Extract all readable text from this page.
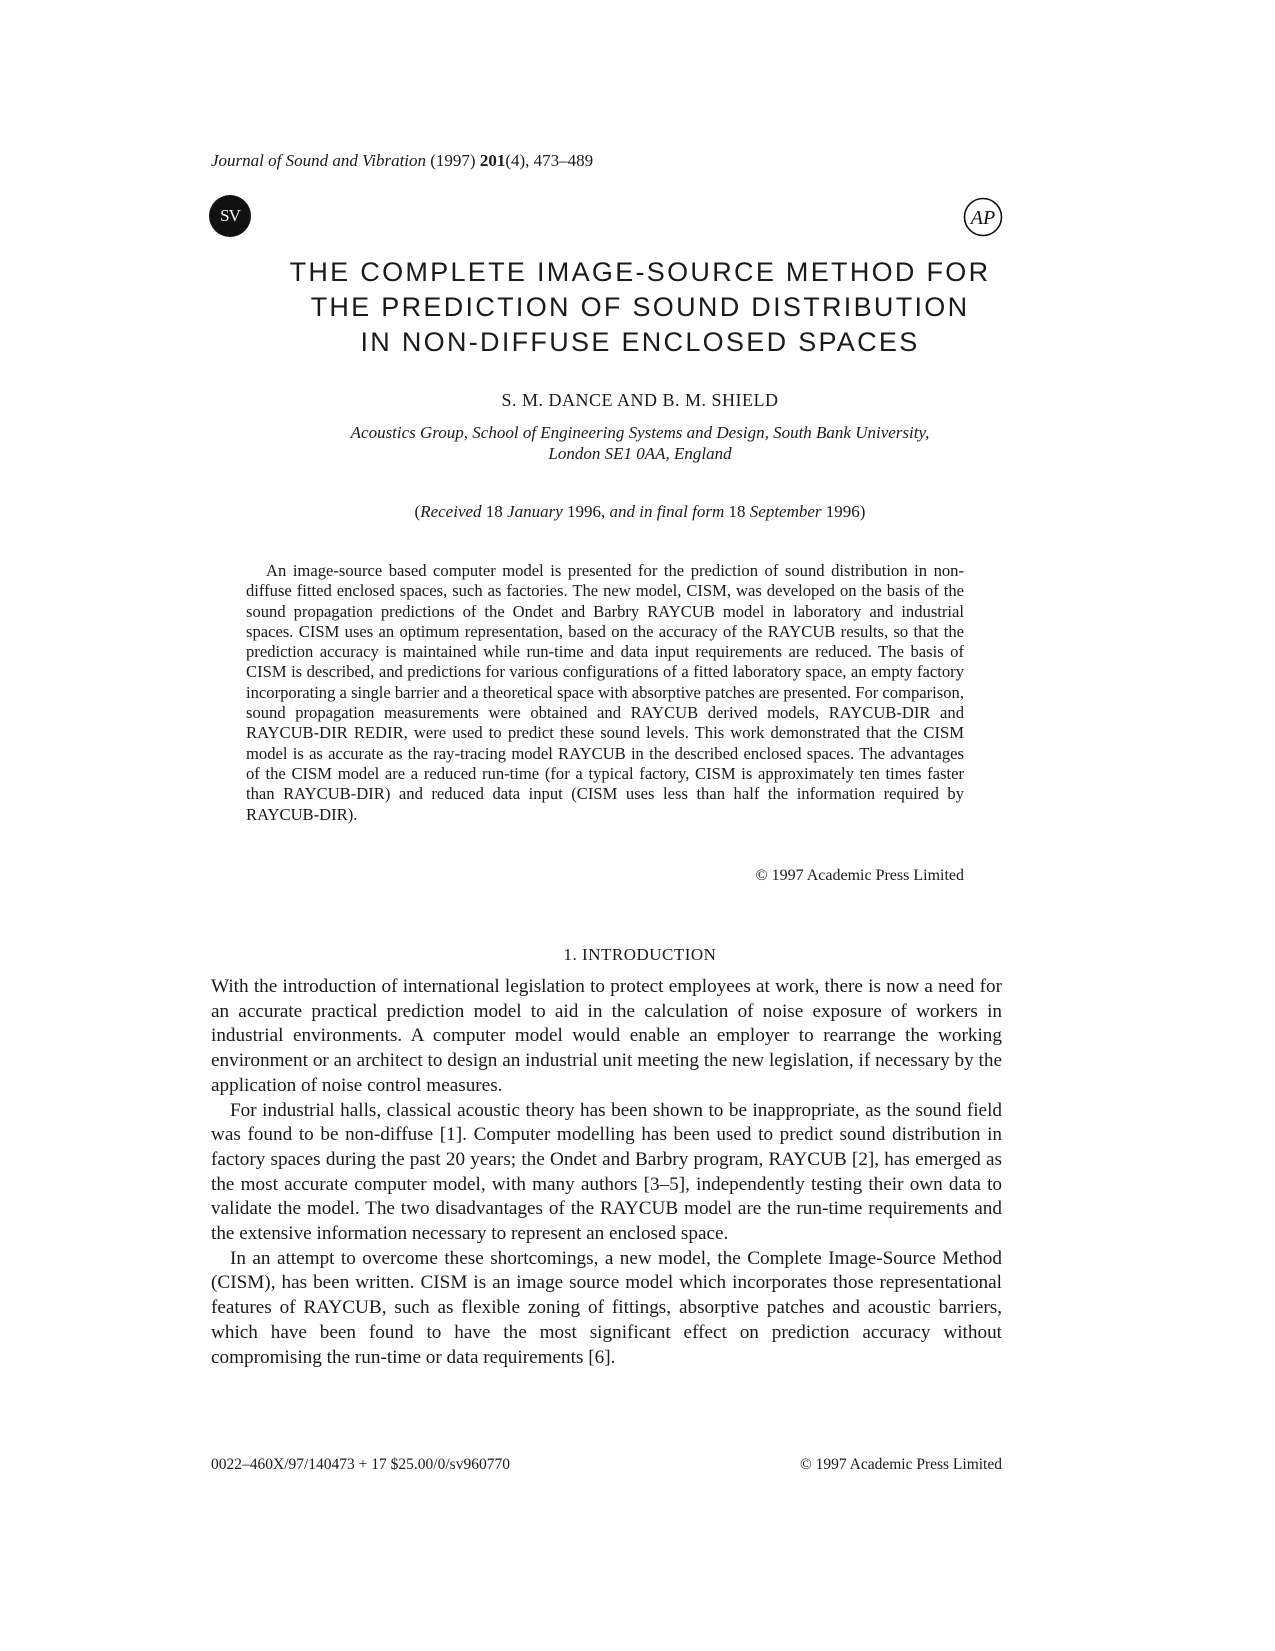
Journal of Sound and Vibration (1997) 201(4), 473–489
SV	AP
THE COMPLETE IMAGE-SOURCE METHOD FOR
THE PREDICTION OF SOUND DISTRIBUTION
IN NON-DIFFUSE ENCLOSED SPACES
S. M. DANCE AND B. M. SHIELD
Acoustics Group, School of Engineering Systems and Design, South Bank University,
London SE1 0AA, England
(Received 18 January 1996, and in final form 18 September 1996)

An image-source based computer model is presented for the prediction of sound distribution in non-diffuse fitted enclosed spaces, such as factories. The new model, CISM, was developed on the basis of the sound propagation predictions of the Ondet and Barbry RAYCUB model in laboratory and industrial spaces. CISM uses an optimum representation, based on the accuracy of the RAYCUB results, so that the prediction accuracy is maintained while run-time and data input requirements are reduced. The basis of CISM is described, and predictions for various configurations of a fitted laboratory space, an empty factory incorporating a single barrier and a theoretical space with absorptive patches are presented. For comparison, sound propagation measurements were obtained and RAYCUB derived models, RAYCUB-DIR and RAYCUB-DIR REDIR, were used to predict these sound levels. This work demonstrated that the CISM model is as accurate as the ray-tracing model RAYCUB in the described enclosed spaces. The advantages of the CISM model are a reduced run-time (for a typical factory, CISM is approximately ten times faster than RAYCUB-DIR) and reduced data input (CISM uses less than half the information required by RAYCUB-DIR).

© 1997 Academic Press Limited
1. INTRODUCTION

With the introduction of international legislation to protect employees at work, there is now a need for an accurate practical prediction model to aid in the calculation of noise exposure of workers in industrial environments. A computer model would enable an employer to rearrange the working environment or an architect to design an industrial unit meeting the new legislation, if necessary by the application of noise control measures.

For industrial halls, classical acoustic theory has been shown to be inappropriate, as the sound field was found to be non-diffuse [1]. Computer modelling has been used to predict sound distribution in factory spaces during the past 20 years; the Ondet and Barbry program, RAYCUB [2], has emerged as the most accurate computer model, with many authors [3–5], independently testing their own data to validate the model. The two disadvantages of the RAYCUB model are the run-time requirements and the extensive information necessary to represent an enclosed space.

In an attempt to overcome these shortcomings, a new model, the Complete Image-Source Method (CISM), has been written. CISM is an image source model which incorporates those representational features of RAYCUB, such as flexible zoning of fittings, absorptive patches and acoustic barriers, which have been found to have the most significant effect on prediction accuracy without compromising the run-time or data requirements [6].

0022–460X/97/140473 + 17 $25.00/0/sv960770	© 1997 Academic Press Limited
